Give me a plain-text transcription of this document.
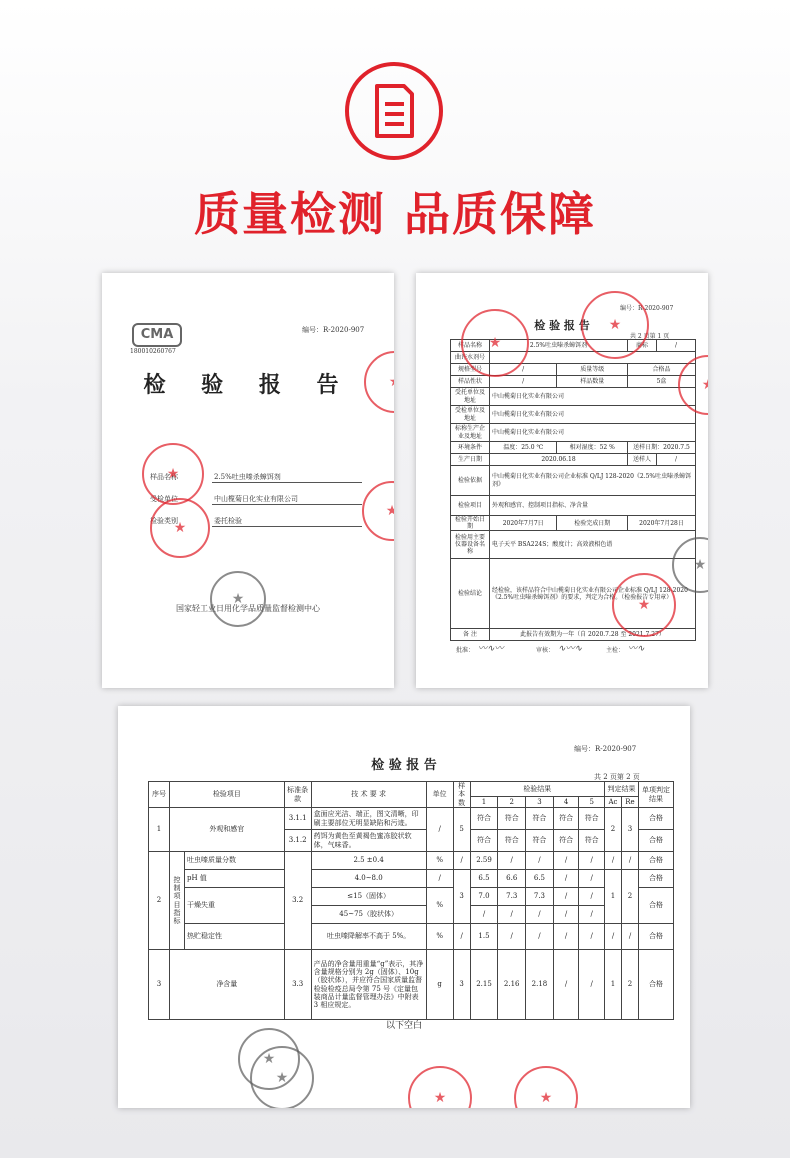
质量检测 品质保障
CMA
180010260767
编号：R-2020-907
检 验 报 告
样品名称	2.5%吐虫嗪杀蟑饵剂
受检单位	中山榄菊日化实业有限公司
检验类别	委托检验
国家轻工业日用化学品质量监督检测中心
★
★
★
★
★
编号：R-2020-907
检 验 报 告
共 2 页第 1 页
样品名称	2.5%吐虫嗪杀蟑饵剂		商标	/
曲许水剂号				
规格型号	/	质量等级	合格品	
样品性状	/	样品数量	5盒	
受托单位及地址	中山榄菊日化实业有限公司			
受检单位及地址	中山榄菊日化实业有限公司			
标称生产企业及地址	中山榄菊日化实业有限公司			
环境条件	温度：25.0 ℃	相对湿度：52 %	送样日期：2020.7.5	
生产日期	2020.06.18		送样人	/
检验依据	中山榄菊日化实业有限公司企业标准 Q/LJ 128-2020《2.5%吐虫嗪杀蟑饵剂》			
检验项目	外观和感官、控制项目指标、净含量			
检验开始日期	2020年7月7日	检验完成日期	2020年7月28日	
检验用主要仪器设备名称	电子天平 BSA224S；酸度计；高效液相色谱			
检验结论	经检验，该样品符合中山榄菊日化实业有限公司企业标准 Q/LJ 128-2020《2.5%吐虫嗪杀蟑饵剂》的要求，判定为合格。（检验报告专用章）			
备 注	此报告有效期为一年（自 2020.7.28 至 2021.7.27）			
批准： 〰∿〰	审核： ∿〰∿	主检： 〰∿
★
★
★
★
★
检 验 报 告
编号：R-2020-907
共 2 页第 2 页
序号	检验项目		标准条款	技 术 要 求	单位	样本数	检验结果					判定结果		单项判定结果
							1	2	3	4	5	Ac	Re	
1	外观和感官		3.1.1	盒面应光洁、端正，图文清晰，印刷主要部位无明显缺陷和污迹。	/	5	符合	符合	符合	符合	符合	2	3	合格
			3.1.2	药饵为黄色至黄褐色蜜冻胶状软体，气味香。			符合	符合	符合	符合	符合			合格
2	控制项目指标	吐虫嗪质量分数	3.2	2.5 ±0.4	%	/	2.59	/	/	/	/	/	/	合格
		pH 值		4.0~8.0	/	3	6.5	6.6	6.5	/	/	1	2	合格
		干燥失重		≤15（固体）	%		7.0	7.3	7.3	/	/			合格
				45~75（胶状体）			/	/	/	/	/			
		热贮稳定性		吐虫嗪降解率不高于 5%。	%	/	1.5	/	/	/	/	/	/	合格
3	净含量		3.3	产品的净含量用重量“g”表示，其净含量规格分别为 2g（固体）、10g（胶状体），并应符合国家质量监督检验检疫总局令第 75 号《定量包装商品计量监督管理办法》中附表 3 相应规定。	g	3	2.15	2.16	2.18	/	/	1	2	合格
以下空白
★
★
★
★
